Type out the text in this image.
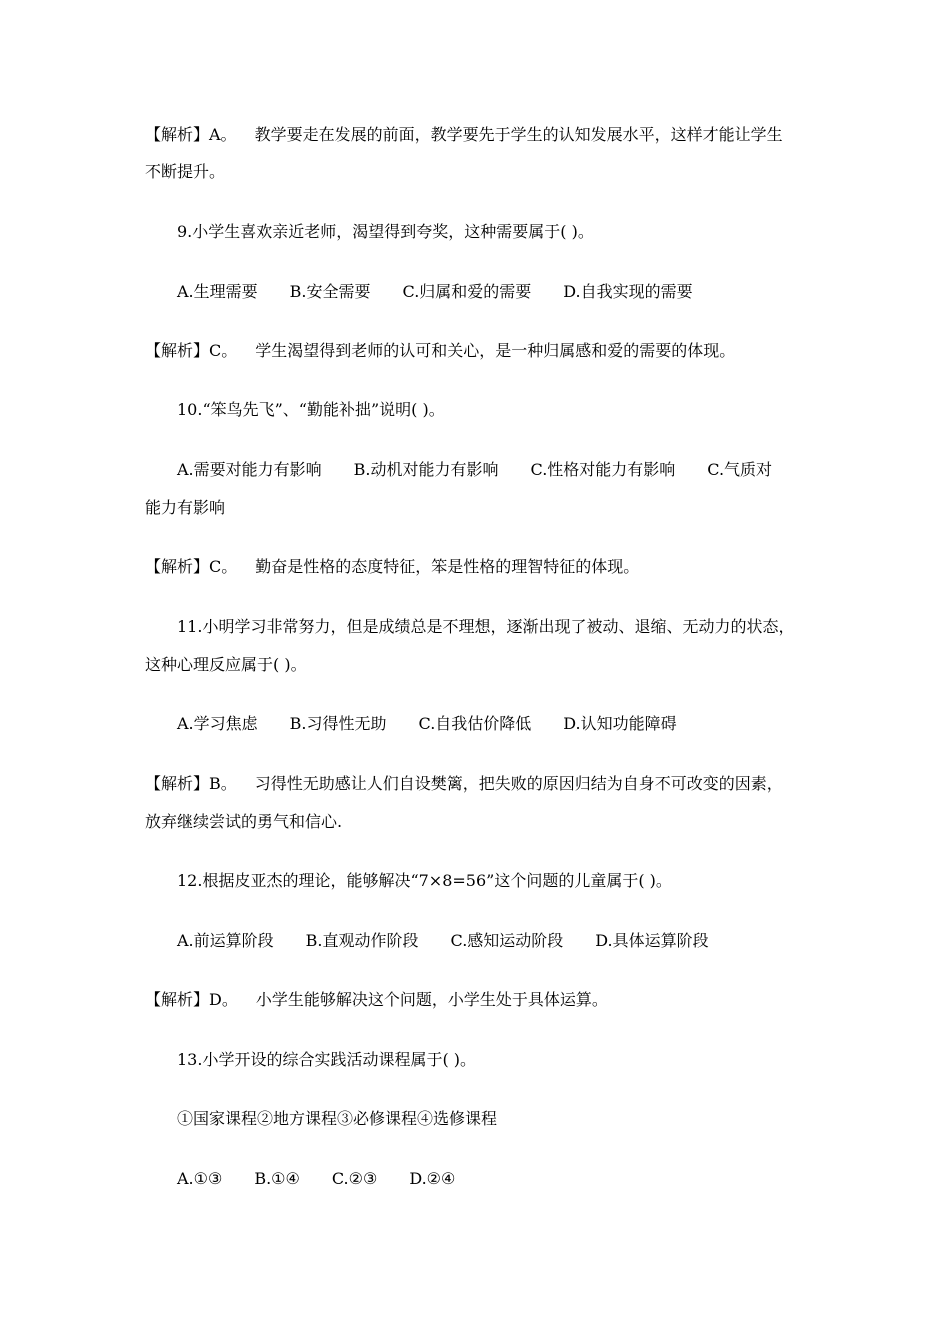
【解析】A。 教学要走在发展的前面，教学要先于学生的认知发展水平，这样才能让学生
不断提升。
9.小学生喜欢亲近老师，渴望得到夸奖，这种需要属于( )。
A.生理需要 B.安全需要 C.归属和爱的需要 D.自我实现的需要
【解析】C。 学生渴望得到老师的认可和关心，是一种归属感和爱的需要的体现。
10.“笨鸟先飞”、“勤能补拙”说明( )。
A.需要对能力有影响 B.动机对能力有影响 C.性格对能力有影响 C.气质对
能力有影响
【解析】C。 勤奋是性格的态度特征，笨是性格的理智特征的体现。
11.小明学习非常努力，但是成绩总是不理想，逐渐出现了被动、退缩、无动力的状态，
这种心理反应属于( )。
A.学习焦虑 B.习得性无助 C.自我估价降低 D.认知功能障碍
【解析】B。 习得性无助感让人们自设樊篱，把失败的原因归结为自身不可改变的因素，
放弃继续尝试的勇气和信心.
12.根据皮亚杰的理论，能够解决“7×8=56”这个问题的儿童属于( )。
A.前运算阶段 B.直观动作阶段 C.感知运动阶段 D.具体运算阶段
【解析】D。 小学生能够解决这个问题，小学生处于具体运算。
13.小学开设的综合实践活动课程属于( )。
①国家课程②地方课程③必修课程④选修课程
A.①③ B.①④ C.②③ D.②④
